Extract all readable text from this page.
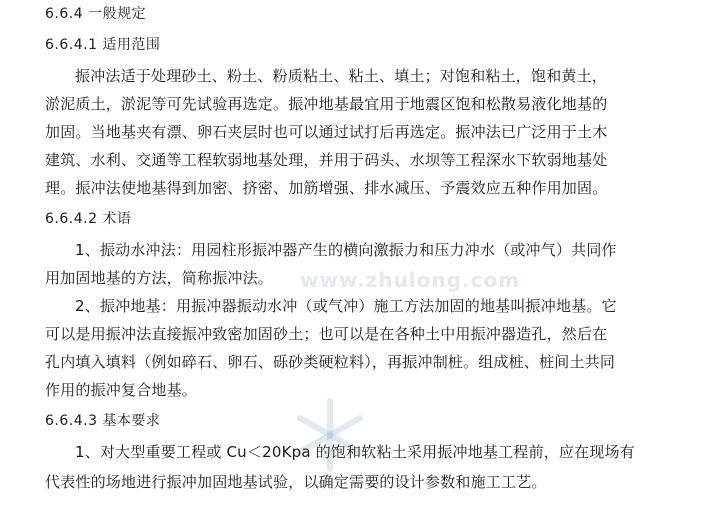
www.zhulong.com
6.6.4 一般规定
6.6.4.1 适用范围
振冲法适于处理砂土、粉土、粉质粘土、粘土、填土；对饱和粘土，饱和黄土，
淤泥质土，淤泥等可先试验再选定。振冲地基最宜用于地震区饱和松散易液化地基的
加固。当地基夹有漂、卵石夹层时也可以通过试打后再选定。振冲法已广泛用于土木
建筑、水利、交通等工程软弱地基处理，并用于码头、水坝等工程深水下软弱地基处
理。振冲法使地基得到加密、挤密、加筋增强、排水减压、予震效应五种作用加固。
6.6.4.2 术语
1、振动水冲法：用园柱形振冲器产生的横向激振力和压力冲水（或冲气）共同作
用加固地基的方法，简称振冲法。
2、振冲地基：用振冲器振动水冲（或气冲）施工方法加固的地基叫振冲地基。它
可以是用振冲法直接振冲致密加固砂土；也可以是在各种土中用振冲器造孔，然后在
孔内填入填料（例如碎石、卵石、砾砂类硬粒料），再振冲制桩。组成桩、桩间土共同
作用的振冲复合地基。
6.6.4.3 基本要求
1、对大型重要工程或 Cu＜20Kpa 的饱和软粘土采用振冲地基工程前，应在现场有
代表性的场地进行振冲加固地基试验，以确定需要的设计参数和施工工艺。
